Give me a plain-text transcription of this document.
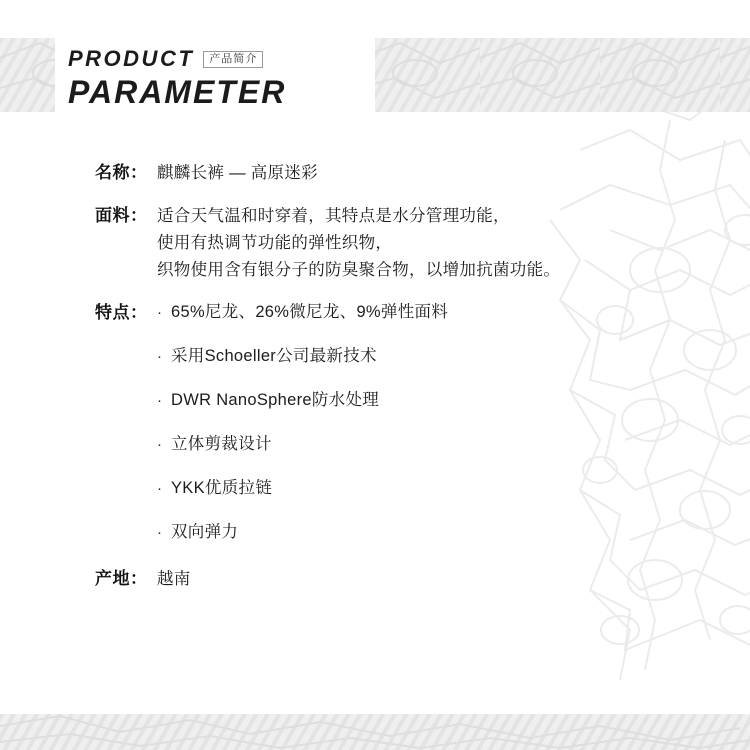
PRODUCT	产品简介
PARAMETER
名称： 麒麟长裤 — 高原迷彩
面料： 适合天气温和时穿着，其特点是水分管理功能，
使用有热调节功能的弹性织物，
织物使用含有银分子的防臭聚合物，以增加抗菌功能。
特点： · 65%尼龙、26%微尼龙、9%弹性面料
· 采用Schoeller公司最新技术
· DWR NanoSphere防水处理
· 立体剪裁设计
· YKK优质拉链
· 双向弹力
产地： 越南
